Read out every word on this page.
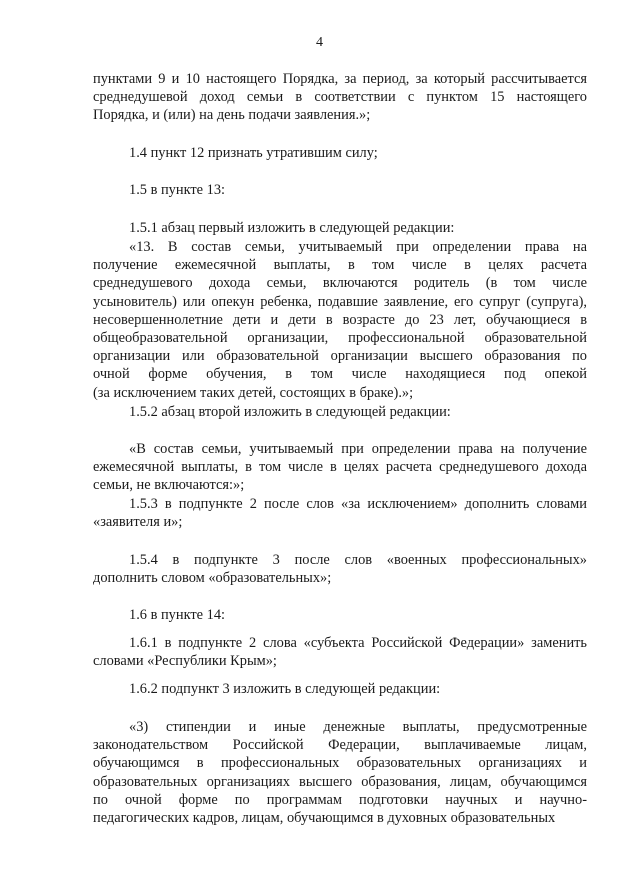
4
пунктами 9 и 10 настоящего Порядка, за период, за который рассчитывается
среднедушевой доход семьи в соответствии с пунктом 15 настоящего
Порядка, и (или) на день подачи заявления.»;
1.4 пункт 12 признать утратившим силу;
1.5 в пункте 13:
1.5.1 абзац первый изложить в следующей редакции:
«13. В состав семьи, учитываемый при определении права на
получение ежемесячной выплаты, в том числе в целях расчета
среднедушевого дохода семьи, включаются родитель (в том числе
усыновитель) или опекун ребенка, подавшие заявление, его супруг (супруга),
несовершеннолетние дети и дети в возрасте до 23 лет, обучающиеся в
общеобразовательной организации, профессиональной образовательной
организации или образовательной организации высшего образования по
очной форме обучения, в том числе находящиеся под опекой
(за исключением таких детей, состоящих в браке).»;
1.5.2 абзац второй изложить в следующей редакции:
«В состав семьи, учитываемый при определении права на получение
ежемесячной выплаты, в том числе в целях расчета среднедушевого дохода
семьи, не включаются:»;
1.5.3 в подпункте 2 после слов «за исключением» дополнить словами
«заявителя и»;
1.5.4 в подпункте 3 после слов «военных профессиональных»
дополнить словом «образовательных»;
1.6 в пункте 14:
1.6.1 в подпункте 2 слова «субъекта Российской Федерации» заменить
словами «Республики Крым»;
1.6.2 подпункт 3 изложить в следующей редакции:
«3) стипендии и иные денежные выплаты, предусмотренные
законодательством Российской Федерации, выплачиваемые лицам,
обучающимся в профессиональных образовательных организациях и
образовательных организациях высшего образования, лицам, обучающимся
по очной форме по программам подготовки научных и научно-
педагогических кадров, лицам, обучающимся в духовных образовательных
